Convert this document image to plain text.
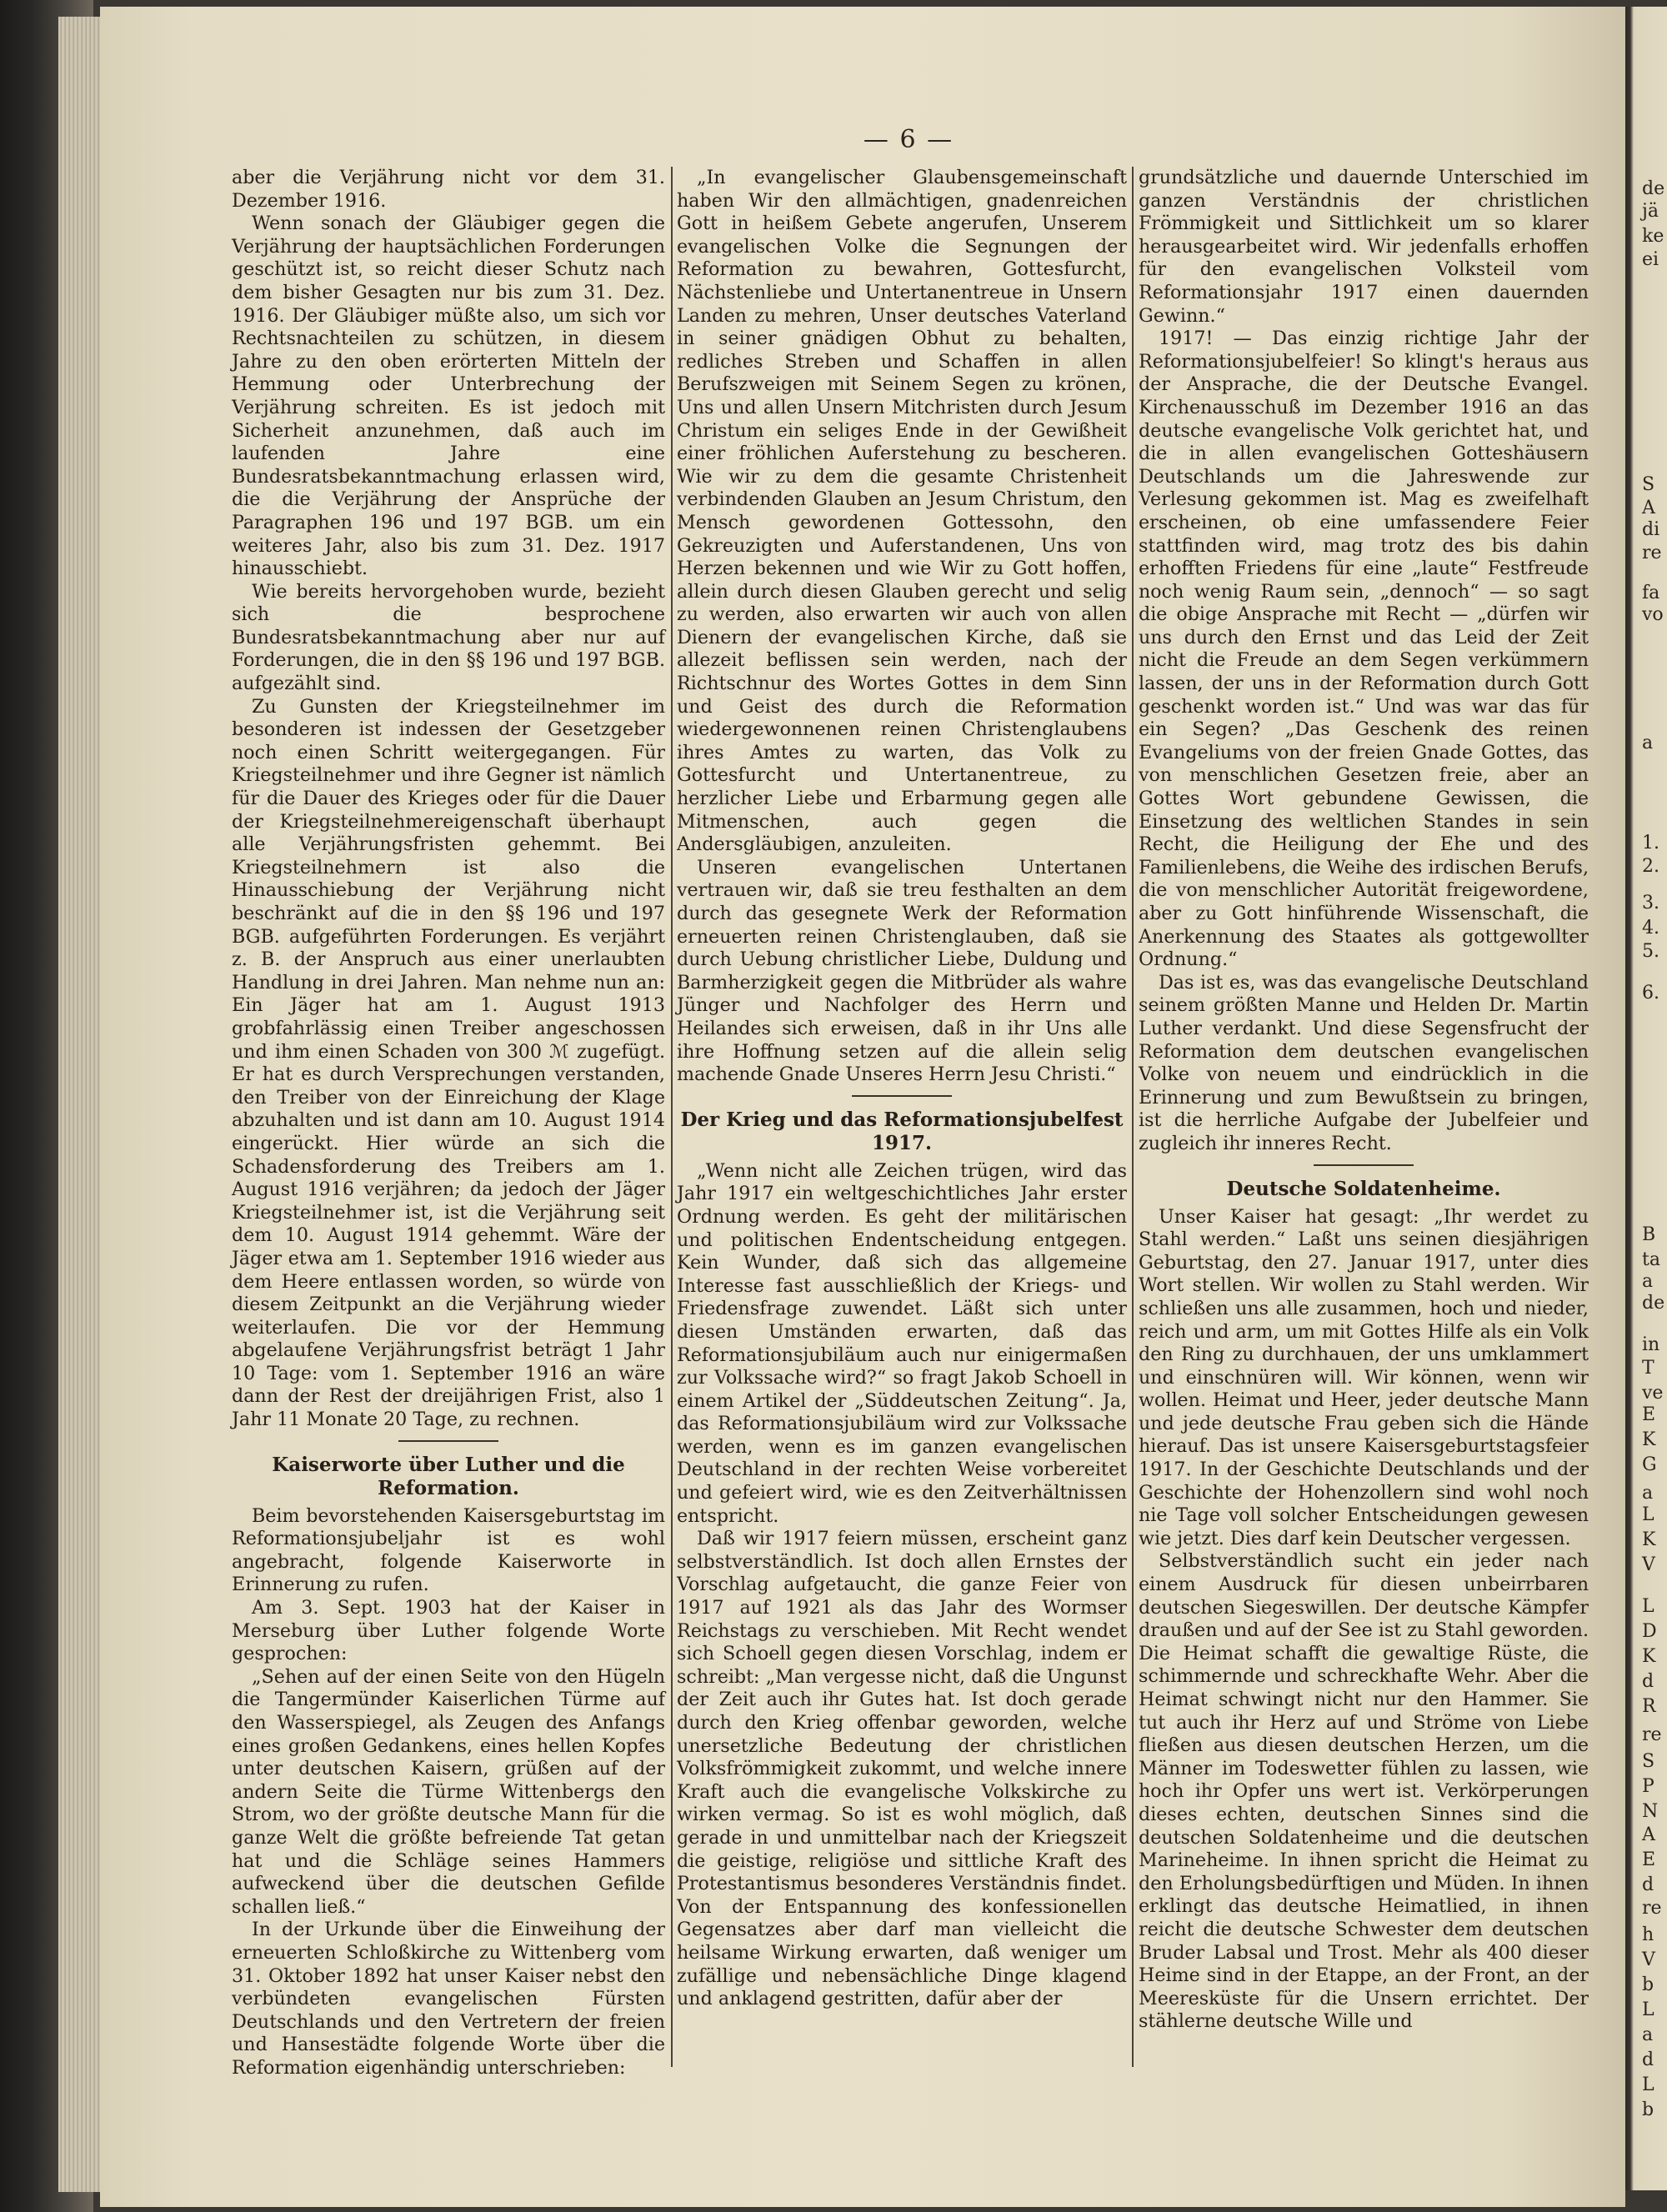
— 6 —

aber die Verjährung nicht vor dem 31. Dezember 1916.

Wenn sonach der Gläubiger gegen die Verjährung der hauptsächlichen Forderungen geschützt ist, so reicht dieser Schutz nach dem bisher Gesagten nur bis zum 31. Dez. 1916. Der Gläubiger müßte also, um sich vor Rechtsnachteilen zu schützen, in diesem Jahre zu den oben erörterten Mitteln der Hemmung oder Unterbrechung der Verjährung schreiten. Es ist jedoch mit Sicherheit anzunehmen, daß auch im laufenden Jahre eine Bundesratsbekanntmachung erlassen wird, die die Verjährung der Ansprüche der Paragraphen 196 und 197 BGB. um ein weiteres Jahr, also bis zum 31. Dez. 1917 hinausschiebt.

Wie bereits hervorgehoben wurde, bezieht sich die besprochene Bundesratsbekanntmachung aber nur auf Forderungen, die in den §§ 196 und 197 BGB. aufgezählt sind.

Zu Gunsten der Kriegsteilnehmer im besonderen ist indessen der Gesetzgeber noch einen Schritt weitergegangen. Für Kriegsteilnehmer und ihre Gegner ist nämlich für die Dauer des Krieges oder für die Dauer der Kriegsteilnehmereigenschaft überhaupt alle Verjährungsfristen gehemmt. Bei Kriegsteilnehmern ist also die Hinausschiebung der Verjährung nicht beschränkt auf die in den §§ 196 und 197 BGB. aufgeführten Forderungen. Es verjährt z. B. der Anspruch aus einer unerlaubten Handlung in drei Jahren. Man nehme nun an: Ein Jäger hat am 1. August 1913 grobfahrlässig einen Treiber angeschossen und ihm einen Schaden von 300 ℳ zugefügt. Er hat es durch Versprechungen verstanden, den Treiber von der Einreichung der Klage abzuhalten und ist dann am 10. August 1914 eingerückt. Hier würde an sich die Schadensforderung des Treibers am 1. August 1916 verjähren; da jedoch der Jäger Kriegsteilnehmer ist, ist die Verjährung seit dem 10. August 1914 gehemmt. Wäre der Jäger etwa am 1. September 1916 wieder aus dem Heere entlassen worden, so würde von diesem Zeitpunkt an die Verjährung wieder weiterlaufen. Die vor der Hemmung abgelaufene Verjährungsfrist beträgt 1 Jahr 10 Tage: vom 1. September 1916 an wäre dann der Rest der dreijährigen Frist, also 1 Jahr 11 Monate 20 Tage, zu rechnen.

Kaiserworte über Luther und die Reformation.

Beim bevorstehenden Kaisersgeburtstag im Reformationsjubeljahr ist es wohl angebracht, folgende Kaiserworte in Erinnerung zu rufen.

Am 3. Sept. 1903 hat der Kaiser in Merseburg über Luther folgende Worte gesprochen:

„Sehen auf der einen Seite von den Hügeln die Tangermünder Kaiserlichen Türme auf den Wasserspiegel, als Zeugen des Anfangs eines großen Gedankens, eines hellen Kopfes unter deutschen Kaisern, grüßen auf der andern Seite die Türme Wittenbergs den Strom, wo der größte deutsche Mann für die ganze Welt die größte befreiende Tat getan hat und die Schläge seines Hammers aufweckend über die deutschen Gefilde schallen ließ.“

In der Urkunde über die Einweihung der erneuerten Schloßkirche zu Wittenberg vom 31. Oktober 1892 hat unser Kaiser nebst den verbündeten evangelischen Fürsten Deutschlands und den Vertretern der freien und Hansestädte folgende Worte über die Reformation eigenhändig unterschrieben:

„In evangelischer Glaubensgemeinschaft haben Wir den allmächtigen, gnadenreichen Gott in heißem Gebete angerufen, Unserem evangelischen Volke die Segnungen der Reformation zu bewahren, Gottesfurcht, Nächstenliebe und Untertanentreue in Unsern Landen zu mehren, Unser deutsches Vaterland in seiner gnädigen Obhut zu behalten, redliches Streben und Schaffen in allen Berufszweigen mit Seinem Segen zu krönen, Uns und allen Unsern Mitchristen durch Jesum Christum ein seliges Ende in der Gewißheit einer fröhlichen Auferstehung zu bescheren. Wie wir zu dem die gesamte Christenheit verbindenden Glauben an Jesum Christum, den Mensch gewordenen Gottessohn, den Gekreuzigten und Auferstandenen, Uns von Herzen bekennen und wie Wir zu Gott hoffen, allein durch diesen Glauben gerecht und selig zu werden, also erwarten wir auch von allen Dienern der evangelischen Kirche, daß sie allezeit beflissen sein werden, nach der Richtschnur des Wortes Gottes in dem Sinn und Geist des durch die Reformation wiedergewonnenen reinen Christenglaubens ihres Amtes zu warten, das Volk zu Gottesfurcht und Untertanentreue, zu herzlicher Liebe und Erbarmung gegen alle Mitmenschen, auch gegen die Andersgläubigen, anzuleiten.

Unseren evangelischen Untertanen vertrauen wir, daß sie treu festhalten an dem durch das gesegnete Werk der Reformation erneuerten reinen Christenglauben, daß sie durch Uebung christlicher Liebe, Duldung und Barmherzigkeit gegen die Mitbrüder als wahre Jünger und Nachfolger des Herrn und Heilandes sich erweisen, daß in ihr Uns alle ihre Hoffnung setzen auf die allein selig machende Gnade Unseres Herrn Jesu Christi.“

Der Krieg und das Reformationsjubelfest 1917.

„Wenn nicht alle Zeichen trügen, wird das Jahr 1917 ein weltgeschichtliches Jahr erster Ordnung werden. Es geht der militärischen und politischen Endentscheidung entgegen. Kein Wunder, daß sich das allgemeine Interesse fast ausschließlich der Kriegs- und Friedensfrage zuwendet. Läßt sich unter diesen Umständen erwarten, daß das Reformationsjubiläum auch nur einigermaßen zur Volkssache wird?“ so fragt Jakob Schoell in einem Artikel der „Süddeutschen Zeitung“. Ja, das Reformationsjubiläum wird zur Volkssache werden, wenn es im ganzen evangelischen Deutschland in der rechten Weise vorbereitet und gefeiert wird, wie es den Zeitverhältnissen entspricht.

Daß wir 1917 feiern müssen, erscheint ganz selbstverständlich. Ist doch allen Ernstes der Vorschlag aufgetaucht, die ganze Feier von 1917 auf 1921 als das Jahr des Wormser Reichstags zu verschieben. Mit Recht wendet sich Schoell gegen diesen Vorschlag, indem er schreibt: „Man vergesse nicht, daß die Ungunst der Zeit auch ihr Gutes hat. Ist doch gerade durch den Krieg offenbar geworden, welche unersetzliche Bedeutung der christlichen Volksfrömmigkeit zukommt, und welche innere Kraft auch die evangelische Volkskirche zu wirken vermag. So ist es wohl möglich, daß gerade in und unmittelbar nach der Kriegszeit die geistige, religiöse und sittliche Kraft des Protestantismus besonderes Verständnis findet. Von der Entspannung des konfessionellen Gegensatzes aber darf man vielleicht die heilsame Wirkung erwarten, daß weniger um zufällige und nebensächliche Dinge klagend und anklagend gestritten, dafür aber der

grundsätzliche und dauernde Unterschied im ganzen Verständnis der christlichen Frömmigkeit und Sittlichkeit um so klarer herausgearbeitet wird. Wir jedenfalls erhoffen für den evangelischen Volksteil vom Reformationsjahr 1917 einen dauernden Gewinn.“

1917! — Das einzig richtige Jahr der Reformationsjubelfeier! So klingt's heraus aus der Ansprache, die der Deutsche Evangel. Kirchenausschuß im Dezember 1916 an das deutsche evangelische Volk gerichtet hat, und die in allen evangelischen Gotteshäusern Deutschlands um die Jahreswende zur Verlesung gekommen ist. Mag es zweifelhaft erscheinen, ob eine umfassendere Feier stattfinden wird, mag trotz des bis dahin erhofften Friedens für eine „laute“ Festfreude noch wenig Raum sein, „dennoch“ — so sagt die obige Ansprache mit Recht — „dürfen wir uns durch den Ernst und das Leid der Zeit nicht die Freude an dem Segen verkümmern lassen, der uns in der Reformation durch Gott geschenkt worden ist.“ Und was war das für ein Segen? „Das Geschenk des reinen Evangeliums von der freien Gnade Gottes, das von menschlichen Gesetzen freie, aber an Gottes Wort gebundene Gewissen, die Einsetzung des weltlichen Standes in sein Recht, die Heiligung der Ehe und des Familienlebens, die Weihe des irdischen Berufs, die von menschlicher Autorität freigewordene, aber zu Gott hinführende Wissenschaft, die Anerkennung des Staates als gottgewollter Ordnung.“

Das ist es, was das evangelische Deutschland seinem größten Manne und Helden Dr. Martin Luther verdankt. Und diese Segensfrucht der Reformation dem deutschen evangelischen Volke von neuem und eindrücklich in die Erinnerung und zum Bewußtsein zu bringen, ist die herrliche Aufgabe der Jubelfeier und zugleich ihr inneres Recht.

Deutsche Soldatenheime.

Unser Kaiser hat gesagt: „Ihr werdet zu Stahl werden.“ Laßt uns seinen diesjährigen Geburtstag, den 27. Januar 1917, unter dies Wort stellen. Wir wollen zu Stahl werden. Wir schließen uns alle zusammen, hoch und nieder, reich und arm, um mit Gottes Hilfe als ein Volk den Ring zu durchhauen, der uns umklammert und einschnüren will. Wir können, wenn wir wollen. Heimat und Heer, jeder deutsche Mann und jede deutsche Frau geben sich die Hände hierauf. Das ist unsere Kaisersgeburtstagsfeier 1917. In der Geschichte Deutschlands und der Geschichte der Hohenzollern sind wohl noch nie Tage voll solcher Entscheidungen gewesen wie jetzt. Dies darf kein Deutscher vergessen.

Selbstverständlich sucht ein jeder nach einem Ausdruck für diesen unbeirrbaren deutschen Siegeswillen. Der deutsche Kämpfer draußen und auf der See ist zu Stahl geworden. Die Heimat schafft die gewaltige Rüste, die schimmernde und schreckhafte Wehr. Aber die Heimat schwingt nicht nur den Hammer. Sie tut auch ihr Herz auf und Ströme von Liebe fließen aus diesen deutschen Herzen, um die Männer im Todeswetter fühlen zu lassen, wie hoch ihr Opfer uns wert ist. Verkörperungen dieses echten, deutschen Sinnes sind die deutschen Soldatenheime und die deutschen Marineheime. In ihnen spricht die Heimat zu den Erholungsbedürftigen und Müden. In ihnen erklingt das deutsche Heimatlied, in ihnen reicht die deutsche Schwester dem deutschen Bruder Labsal und Trost. Mehr als 400 dieser Heime sind in der Etappe, an der Front, an der Meeresküste für die Unsern errichtet. Der stählerne deutsche Wille und

de
jä
ke
ei
S
A
di
re
fa
vo
a
1.
2.
3.
4.
5.
6.
B
ta
a
de
in
T
ve
E
K
G
a
L
K
V
L
D
K
d
R
re
S
P
N
A
E
d
re
h
V
b
L
a
d
L
b
